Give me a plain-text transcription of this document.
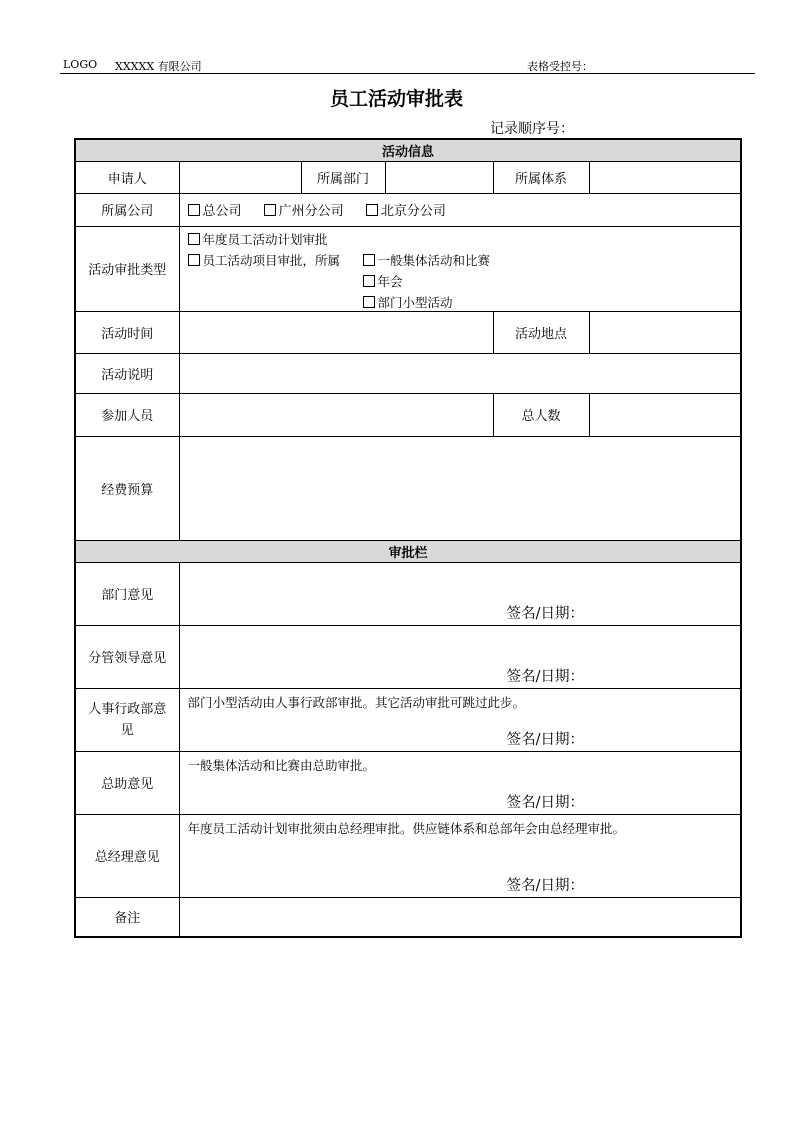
LOGO XXXXX 有限公司	表格受控号：
员工活动审批表
记录顺序号：
活动信息					
申请人		所属部门		所属体系	
所属公司	总公司 广州分公司 北京分公司				
活动审批类型	年度员工活动计划审批
员工活动项目审批，所属 一般集体活动和比赛
年会
部门小型活动				

活动时间				活动地点	
活动说明					
参加人员				总人数	
经费预算					
审批栏					
部门意见	签名/日期：				

分管领导意见	签名/日期：				

人事行政部意见	部门小型活动由人事行政部审批。其它活动审批可跳过此步。
签名/日期：				

总助意见	一般集体活动和比赛由总助审批。
签名/日期：				

总经理意见	年度员工活动计划审批须由总经理审批。供应链体系和总部年会由总经理审批。
签名/日期：				

备注					
